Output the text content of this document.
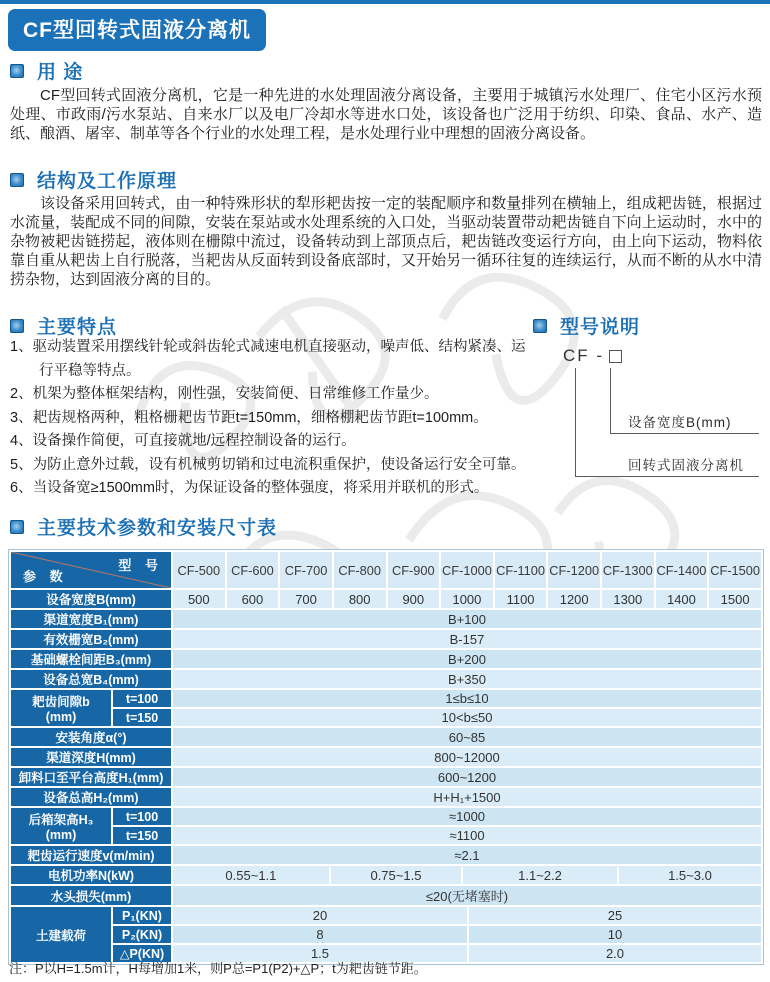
CF型回转式固液分离机
用 途
CF型回转式固液分离机，它是一种先进的水处理固液分离设备，主要用于城镇污水处理厂、住宅小区污水预处理、市政雨/污水泵站、自来水厂以及电厂冷却水等进水口处，该设备也广泛用于纺织、印染、食品、水产、造纸、酿酒、屠宰、制革等各个行业的水处理工程，是水处理行业中理想的固液分离设备。
结构及工作原理
该设备采用回转式，由一种特殊形状的犁形耙齿按一定的装配顺序和数量排列在横轴上，组成耙齿链，根据过水流量，装配成不同的间隙，安装在泵站或水处理系统的入口处，当驱动装置带动耙齿链自下向上运动时，水中的杂物被耙齿链捞起，液体则在栅隙中流过，设备转动到上部顶点后，耙齿链改变运行方向，由上向下运动，物料依靠自重从耙齿上自行脱落，当耙齿从反面转到设备底部时，又开始另一循环往复的连续运行，从而不断的从水中清捞杂物，达到固液分离的目的。
主要特点
1、驱动装置采用摆线针轮或斜齿轮式减速电机直接驱动，噪声低、结构紧凑、运行平稳等特点。
2、机架为整体框架结构，刚性强，安装简便、日常维修工作量少。
3、耙齿规格两种，粗格栅耙齿节距t=150mm，细格棚耙齿节距t=100mm。
4、设备操作简便，可直接就地/远程控制设备的运行。
5、为防止意外过载，设有机械剪切销和过电流积重保护，使设备运行安全可靠。
6、当设备宽≥1500mm时，为保证设备的整体强度，将采用并联机的形式。
型号说明
CF -
设备宽度B(mm)
回转式固液分离机
主要技术参数和安装尺寸表
型 号
参 数		CF-500	CF-600	CF-700	CF-800	CF-900	CF-1000	CF-1100	CF-1200	CF-1300	CF-1400	CF-1500
设备宽度B(mm)		500	600	700	800	900	1000	1100	1200	1300	1400	1500
渠道宽度B₁(mm)		B+100										
有效栅宽B₂(mm)		B-157										
基础螺栓间距B₃(mm)		B+200										
设备总宽B₄(mm)		B+350										

耙齿间隙b
(mm)	t=100	1≤b≤10										
	t=150	10<b≤50										
安装角度α(°)		60~85										
渠道深度H(mm)		800~12000										
卸料口至平台高度H₁(mm)		600~1200										
设备总高H₂(mm)		H+H₁+1500										

后箱架高H₃
(mm)	t=100	≈1000										
	t=150	≈1100										
耙齿运行速度v(m/min)		≈2.1										
电机功率N(kW)		0.55~1.1 0.75~1.5 1.1~2.2 1.5~3.0										

水头损失(mm)		≤20(无堵塞时)										
土建载荷	P₁(KN)	20 25										

	P₂(KN)	8 10										

	△P(KN)	1.5 2.0										
注：P以H=1.5m计，H每增加1米，则P总=P1(P2)+△P；t为耙齿链节距。
